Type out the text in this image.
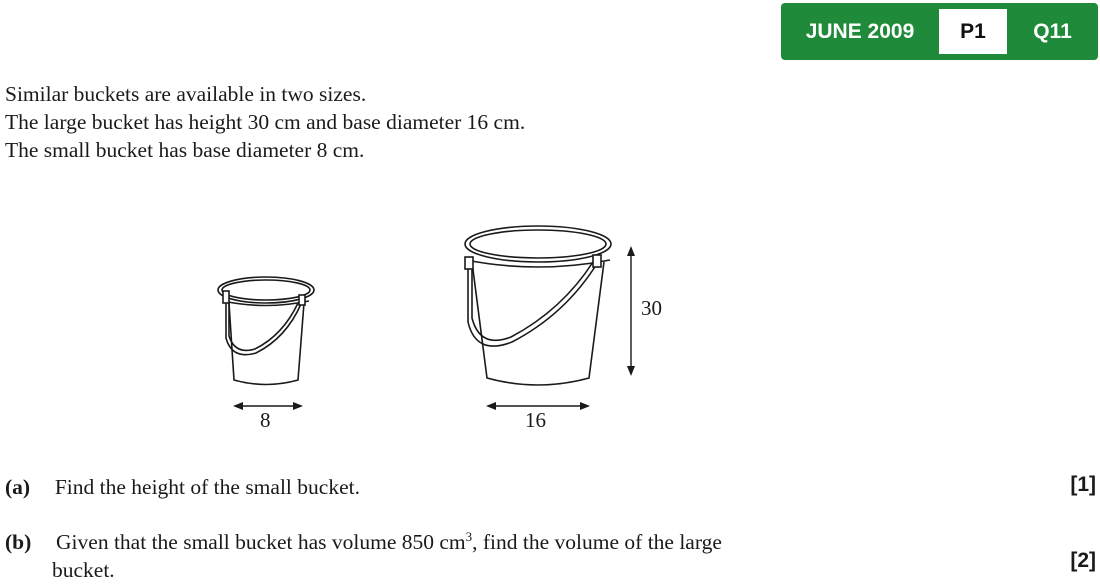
JUNE 2009	P1	Q11
Similar buckets are available in two sizes.
The large bucket has height 30 cm and base diameter 16 cm.
The small bucket has base diameter 8 cm.
8	16
30
(a) Find the height of the small bucket.	[1]
(b) Given that the small bucket has volume 850 $cm^3$, find the volume of the large
bucket.	[2]
